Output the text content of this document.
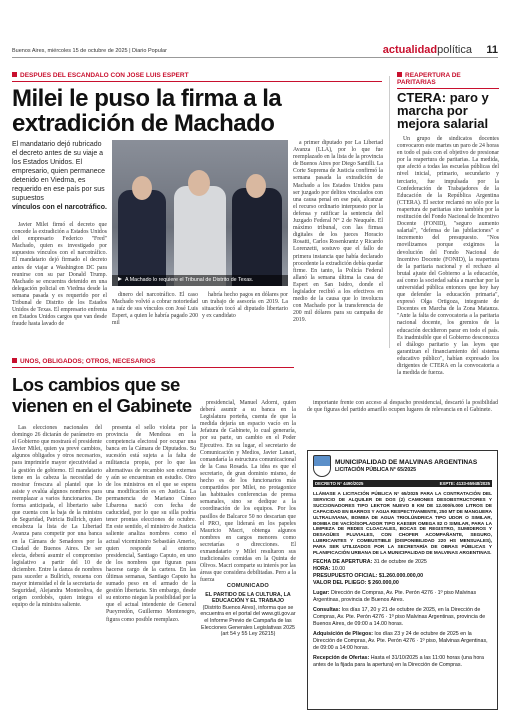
Buenos Aires, miércoles 15 de octubre de 2025 | Diario Popular	actualidadpolítica 11
DESPUES DEL ESCANDALO CON JOSE LUIS ESPERT
Milei le puso la firma a la
extradición de Machado
El mandatario dejó rubricado el decreto antes de su viaje a los Estados Unidos. El empresario, quien permanece detenido en Viedma, es requerido en ese país por sus supuestos
vínculos con el narcotráfico.

Javier Milei firmó el decreto que concede la extradición a Estados Unidos del empresario Federico "Fred" Machado, quien es investigado por supuestos vínculos con el narcotráfico. El mandatario dejó firmado el decreto antes de viajar a Washington DC para reunirse con su par Donald Trump. Machado se encuentra detenido en una delegación policial en Viedma desde la semana pasada y es requerido por el Tribunal de Distrito de los Estados Unidos de Texas. El empresario enfrenta en Estados Unidos cargos que van desde fraude hasta lavado de

A Machado lo requiere el Tribunal de Distrito de Texas.

dinero del narcotráfico. El caso Machado volvió a cobrar notoriedad a raíz de sus vínculos con José Luis Espert, a quien le habría pagado 200 mil

habría hecho pagos en dólares por un trabajo de asesoría en 2019. La situación tocó al diputado libertario y ex candidato

a primer diputado por La Libertad Avanza (LLA), por lo que fue reemplazado en la lista de la provincia de Buenos Aires por Diego Santilli. La Corte Suprema de Justicia confirmó la semana pasada la extradición de Machado a los Estados Unidos para ser juzgado por delitos vinculados con una causa penal en ese país, alcanzar el recurso ordinario interpuesto por la defensa y ratificar la sentencia del Juzgado Federal N° 2 de Neuquén. El máximo tribunal, con las firmas digitales de los jueces Horacio Rosatti, Carlos Rosenkrantz y Ricardo Lorenzetti, sostuvo que el fallo de primera instancia que había declarado procedente la extradición debía quedar firme. En tanto, la Policía Federal allanó la semana última la casa de Espert en San Isidro, donde el legislador recibió a los efectivos en medio de la causa que lo involucra con Machado por la transferencia de 200 mil dólares para su campaña de 2019.

REAPERTURA DE PARITARIAS
CTERA: paro y marcha por mejora salarial

Un grupo de sindicatos docentes convocaron este martes un paro de 24 horas en todo el país con el objetivo de presionar por la reapertura de paritarias. La medida, que afectó a todas las escuelas públicas del nivel inicial, primario, secundario y terciario, fue impulsada por la Confederación de Trabajadores de la Educación de la República Argentina (CTERA). El sector reclamó no sólo por la reapertura de paritarias sino también por la restitución del Fondo Nacional de Incentivo Docente (FONID), "seguro aumento salarial", "defensa de las jubilaciones" e incremento del presupuesto. "Nos movilizamos porque exigimos la devolución del Fondo Nacional de Incentivo Docente (FONID), la reapertura de la paritaria nacional y el rechazo al brutal ajuste del Gobierno a la educación, así como la sociedad sabía a marchar por la universidad pública entonces que hoy hay que defender la educación primaria", expresó Olga Ortigoza, integrante de Docentes en Marcha de la Zona Matanza. "Ante la falta de convocatoria a la paritaria nacional docente, los gremios de la educación decidieron parar en todo el país. Es inadmisible que el Gobierno desconozca el diálogo paritario y las leyes que garantizan el financiamiento del sistema educativo público", habían expresado los dirigentes de CTERA en la convocatoria a la medida de fuerza.

UNOS, OBLIGADOS; OTROS, NECESARIOS
Los cambios que se
vienen en el Gabinete

Las elecciones nacionales del domingo 26 dictarán de parámetro en el Gobierno que mostrará el presidente Javier Milei, quien ya prevé cambios, algunos obligados y otros necesarios, para imprimirle mayor ejecutividad a la gestión de gobierno. El mandatario tiene en la cabeza la necesidad de mostrar frescura al plantel que lo asiste y evalúa algunos nombres para reemplazar a varios funcionarios. De forma anticipada, el libertario sabe que cuenta con la baja de la ministra de Seguridad, Patricia Bullrich, quien encabeza la lista de La Libertad Avanza para competir por una banca en la Cámara de Senadores por la Ciudad de Buenos Aires. De ser electa, deberá asumir el compromiso legislativo a partir del 10 de diciembre. Entre la danza de nombres para suceder a Bullrich, resuena con mayor intensidad el de la secretaria de Seguridad, Alejandra Monteoliva, de origen cordobés, quien integra el equipo de la ministra saliente.

presenta el sello violeta por la provincia de Mendoza en la competencia electoral por ocupar una banca en la Cámara de Diputados. Su sucesión está sujeta a la falta de militancia propia, por lo que las alternativas de recambio son externas y aún se encuentran en estudio. Otro de los ministros en el que se espera una modificación es en Justicia. La permanencia de Mariano Cúneo Libarona nació con fecha de caducidad, por lo que su silla podría tener prontas elecciones de octubre. En este sentido, el ministro de Justicia saliente analiza nombres como el actual viceministro Sebastián Amerio, quien responde al entorno presidencial, Santiago Caputo, en uno de los nombres que figuran para hacerse cargo de la cartera. En las últimas semanas, Santiago Caputo ha sumado peso en el armado de la gestión libertaria. Sin embargo, desde su entorno niegan la posibilidad por la que el actual intendente de General Pueyrredón, Guillermo Montenegro, figura como posible reemplazo.

presidencial, Manuel Adorni, quien deberá asumir a su banca en la Legislatura porteña, cuenta de que la medida dejaría un espacio vacío en la Jefatura de Gabinete, lo cual generaría, por su parte, un cambio en el Poder Ejecutivo. En su lugar, el secretario de Comunicación y Medios, Javier Lanari, comandaría la estructura comunicacional de la Casa Rosada. La idea es que el secretario, de gran dominio mismo, de hecho es de los funcionarios más compartidos por Milei, no protagonice las habituales conferencias de prensa semanales, sino se dedique a la coordinación de los equipos. Por los pasillos de Balcarce 50 no descartan que el PRO, que liderará en los papeles Mauricio Macri, obtenga algunos nombres en cargos menores como secretarías o direcciones. El exmandatario y Milei resultaron sus tradicionales comidas en la Quinta de Olivos. Macri comparte su interés por las áreas que considera debilitadas. Pero a la fuerza

importante frente con acceso al despacho presidencial, descartó la posibilidad de que figuras del partido amarillo ocupen lugares de relevancia en el Gabinete.

COMUNICADO
EL PARTIDO DE LA CULTURA, LA EDUCACIÓN Y EL TRABAJO
(Distrito Buenos Aires), informa que se encuentra en el portal del www.gti.gov.ar el Informe Previo de Campaña de las Elecciones Generales Legislativas 2025 (art 54 y 55 Ley 26215)
MUNICIPALIDAD DE MALVINAS ARGENTINAS
LICITACIÓN PÚBLICA N° 65/2025
DECRETO N° 4490/2025	EXPTE: 4133-65948/2025
LLÁMASE A LICITACIÓN PÚBLICA N° 65/2025 PARA LA CONTRATACIÓN DEL SERVICIO DE ALQUILER DE DOS (2) CAMIONES DESOBSTRUCTORES Y SUCCIONADORES TIPO LEKTOR NUEVO 8 KM DE 12.000/6.000 LITROS DE CAPACIDAD EN BARROS Y AGUA RESPECTIVAMENTE, 250 MT DE MANGUERA ULTRALIVIANA, BOMBA DE AGUA TRIOLÚNDRICA TIPO UDOR O SIMILAR, BOMBA DE VACÍO/SOPLADOR TIPO KAESER OMEGA 82 O SIMILAR, PARA LA LIMPIEZA DE REDES CLOACALES, BOCAS DE REGISTRO, SUMIDEROS Y DESAGÜES PLUVIALES, CON CHOFER ACOMPAÑANTE, SEGURO, LUBRICANTES Y COMBUSTIBLE (DISPONIBILIDAD 220 HS MENSUALES), PARA SER UTILIZADOS POR LA SECRETARÍA DE OBRAS PÚBLICAS Y PLANIFICACIÓN URBANA DE LA MUNICIPALIDAD DE MALVINAS ARGENTINAS.
FECHA DE APERTURA: 31 de octubre de 2025
HORA: 10.00
PRESUPUESTO OFICIAL: $1.260.000.000,00
VALOR DEL PLIEGO: $ 260.000,00
Lugar: Dirección de Compras, Av. Pte. Perón 4276 · 1º piso Malvinas Argentinas, provincia de Buenos Aires.
Consultas: los días 17, 20 y 21 de octubre de 2025, en la Dirección de Compras, Av. Pte. Perón 4276 · 1º piso Malvinas Argentinas, provincia de Buenos Aires, de 09:00 a 14.00 horas.
Adquisición de Pliegos: los días 23 y 24 de octubre de 2025 en la Dirección de Compras, Av. Pte. Perón 4276 · 1º piso, Malvinas Argentinas, de 09:00 a 14:00 horas.
Recepción de Ofertas: Hasta el 31/10/2025 a las 11:00 horas (una hora antes de la fijada para la apertura) en la Dirección de Compras.
